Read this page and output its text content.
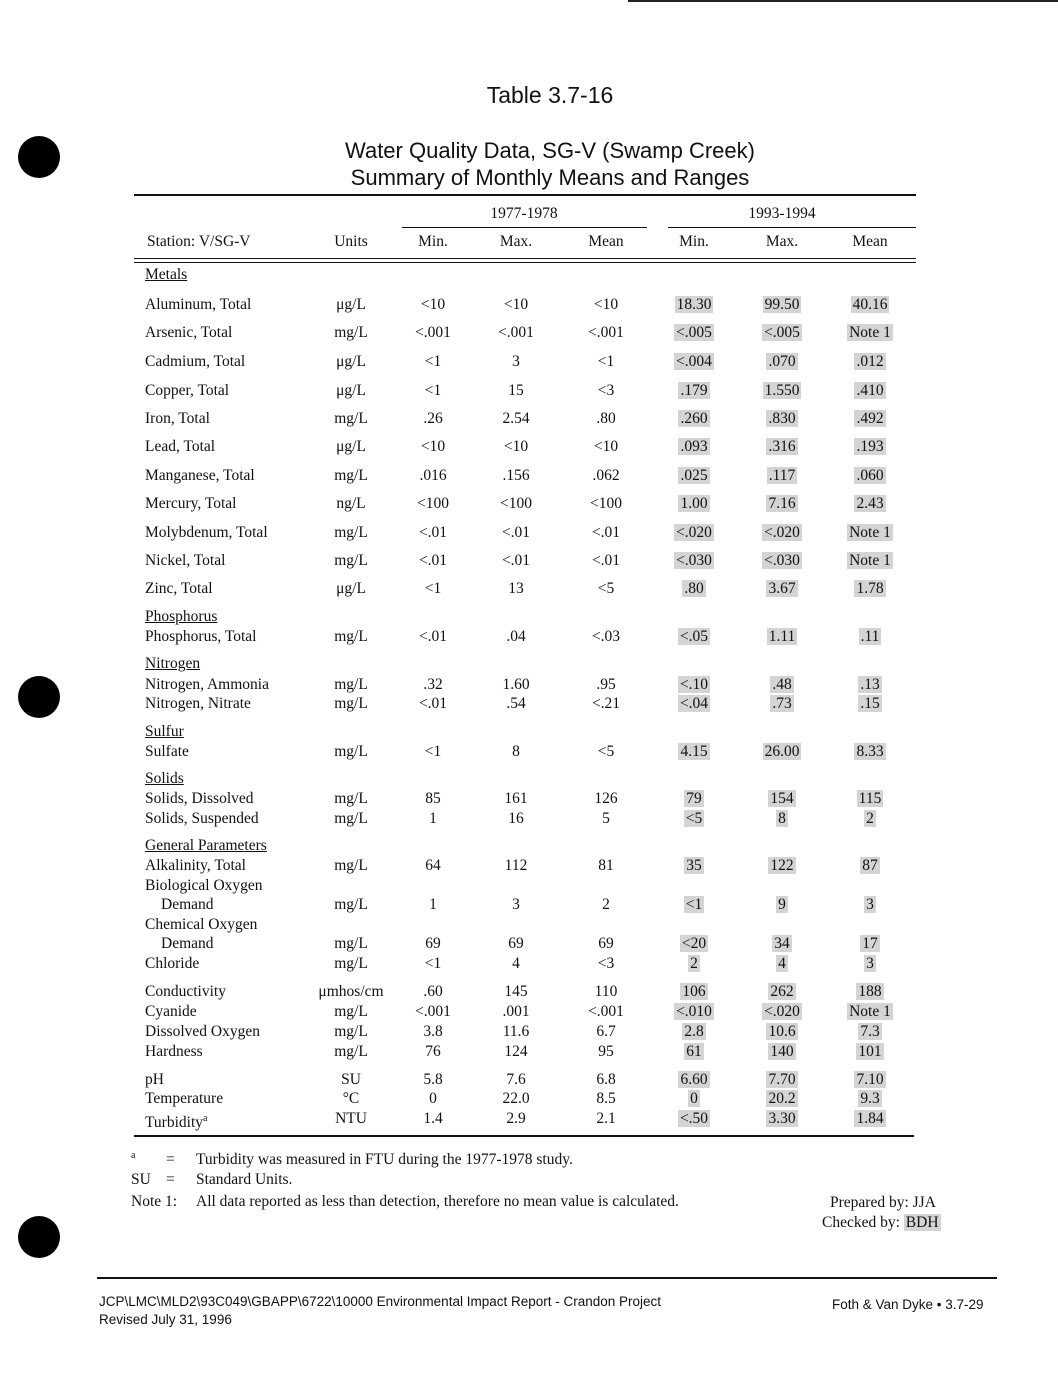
Table 3.7-16
Water Quality Data, SG-V (Swamp Creek)
Summary of Monthly Means and Ranges
1977-1978	1993-1994
Station: V/SG-V	Units	Min.	Max.	Mean	Min.	Max.	Mean
Metals
Aluminum, Total	μg/L	<10	<10	<10	18.30	99.50	40.16
Arsenic, Total	mg/L	<.001	<.001	<.001	<.005	<.005	Note 1
Cadmium, Total	μg/L	<1	3	<1	<.004	.070	.012
Copper, Total	μg/L	<1	15	<3	.179	1.550	.410
Iron, Total	mg/L	.26	2.54	.80	.260	.830	.492
Lead, Total	μg/L	<10	<10	<10	.093	.316	.193
Manganese, Total	mg/L	.016	.156	.062	.025	.117	.060
Mercury, Total	ng/L	<100	<100	<100	1.00	7.16	2.43
Molybdenum, Total	mg/L	<.01	<.01	<.01	<.020	<.020	Note 1
Nickel, Total	mg/L	<.01	<.01	<.01	<.030	<.030	Note 1
Zinc, Total	μg/L	<1	13	<5	.80	3.67	1.78
Phosphorus
Phosphorus, Total	mg/L	<.01	.04	<.03	<.05	1.11	.11
Nitrogen
Nitrogen, Ammonia	mg/L	.32	1.60	.95	<.10	.48	.13
Nitrogen, Nitrate	mg/L	<.01	.54	<.21	<.04	.73	.15
Sulfur
Sulfate	mg/L	<1	8	<5	4.15	26.00	8.33
Solids
Solids, Dissolved	mg/L	85	161	126	79	154	115
Solids, Suspended	mg/L	1	16	5	<5	8	2
General Parameters
Alkalinity, Total	mg/L	64	112	81	35	122	87
Biological Oxygen
Demand	mg/L	1	3	2	<1	9	3
Chemical Oxygen
Demand	mg/L	69	69	69	<20	34	17
Chloride	mg/L	<1	4	<3	2	4	3
Conductivity	μmhos/cm	.60	145	110	106	262	188
Cyanide	mg/L	<.001	.001	<.001	<.010	<.020	Note 1
Dissolved Oxygen	mg/L	3.8	11.6	6.7	2.8	10.6	7.3
Hardness	mg/L	76	124	95	61	140	101
pH	SU	5.8	7.6	6.8	6.60	7.70	7.10
Temperature	°C	0	22.0	8.5	0	20.2	9.3
Turbidity$^a$	NTU	1.4	2.9	2.1	<.50	3.30	1.84
a = Turbidity was measured in FTU during the 1977-1978 study.
SU = Standard Units.
Note 1: All data reported as less than detection, therefore no mean value is calculated.	Prepared by: JJA
Checked by: BDH
JCP\LMC\MLD2\93C049\GBAPP\6722\10000 Environmental Impact Report - Crandon Project
Revised July 31, 1996
Foth & Van Dyke • 3.7-29
